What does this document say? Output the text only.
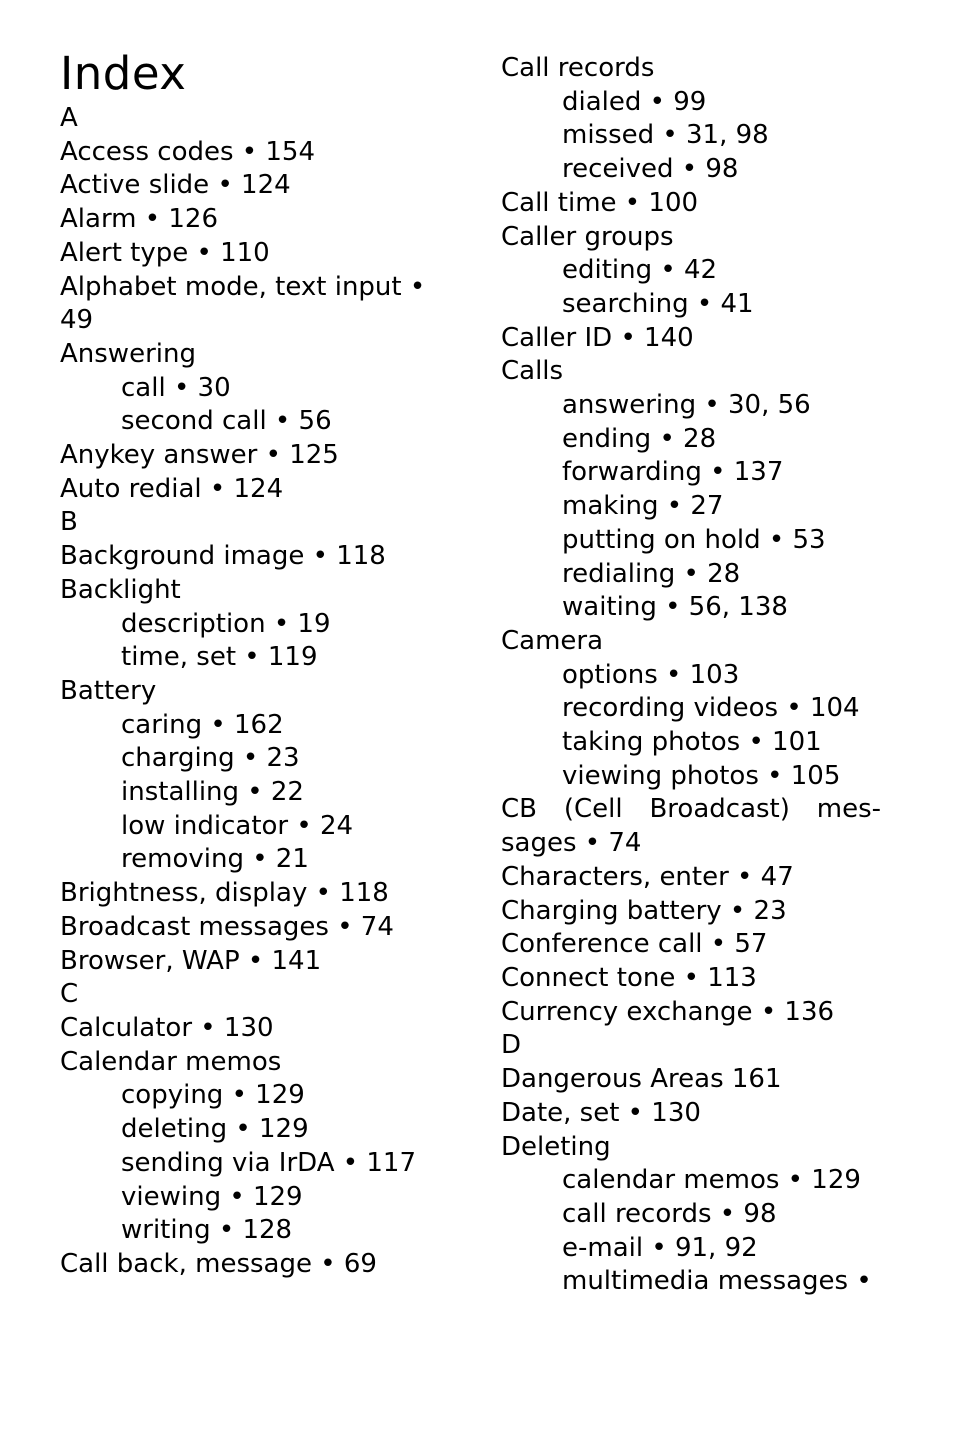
Index
A
Access codes • 154
Active slide • 124
Alarm • 126
Alert type • 110
Alphabet mode, text input •
49
Answering
call • 30
second call • 56
Anykey answer • 125
Auto redial • 124
B
Background image • 118
Backlight
description • 19
time, set • 119
Battery
caring • 162
charging • 23
installing • 22
low indicator • 24
removing • 21
Brightness, display • 118
Broadcast messages • 74
Browser, WAP • 141
C
Calculator • 130
Calendar memos
copying • 129
deleting • 129
sending via IrDA • 117
viewing • 129
writing • 128
Call back, message • 69
Call records
dialed • 99
missed • 31, 98
received • 98
Call time • 100
Caller groups
editing • 42
searching • 41
Caller ID • 140
Calls
answering • 30, 56
ending • 28
forwarding • 137
making • 27
putting on hold • 53
redialing • 28
waiting • 56, 138
Camera
options • 103
recording videos • 104
taking photos • 101
viewing photos • 105
CB (Cell Broadcast) mes-
sages • 74
Characters, enter • 47
Charging battery • 23
Conference call • 57
Connect tone • 113
Currency exchange • 136
D
Dangerous Areas 161
Date, set • 130
Deleting
calendar memos • 129
call records • 98
e-mail • 91, 92
multimedia messages •
